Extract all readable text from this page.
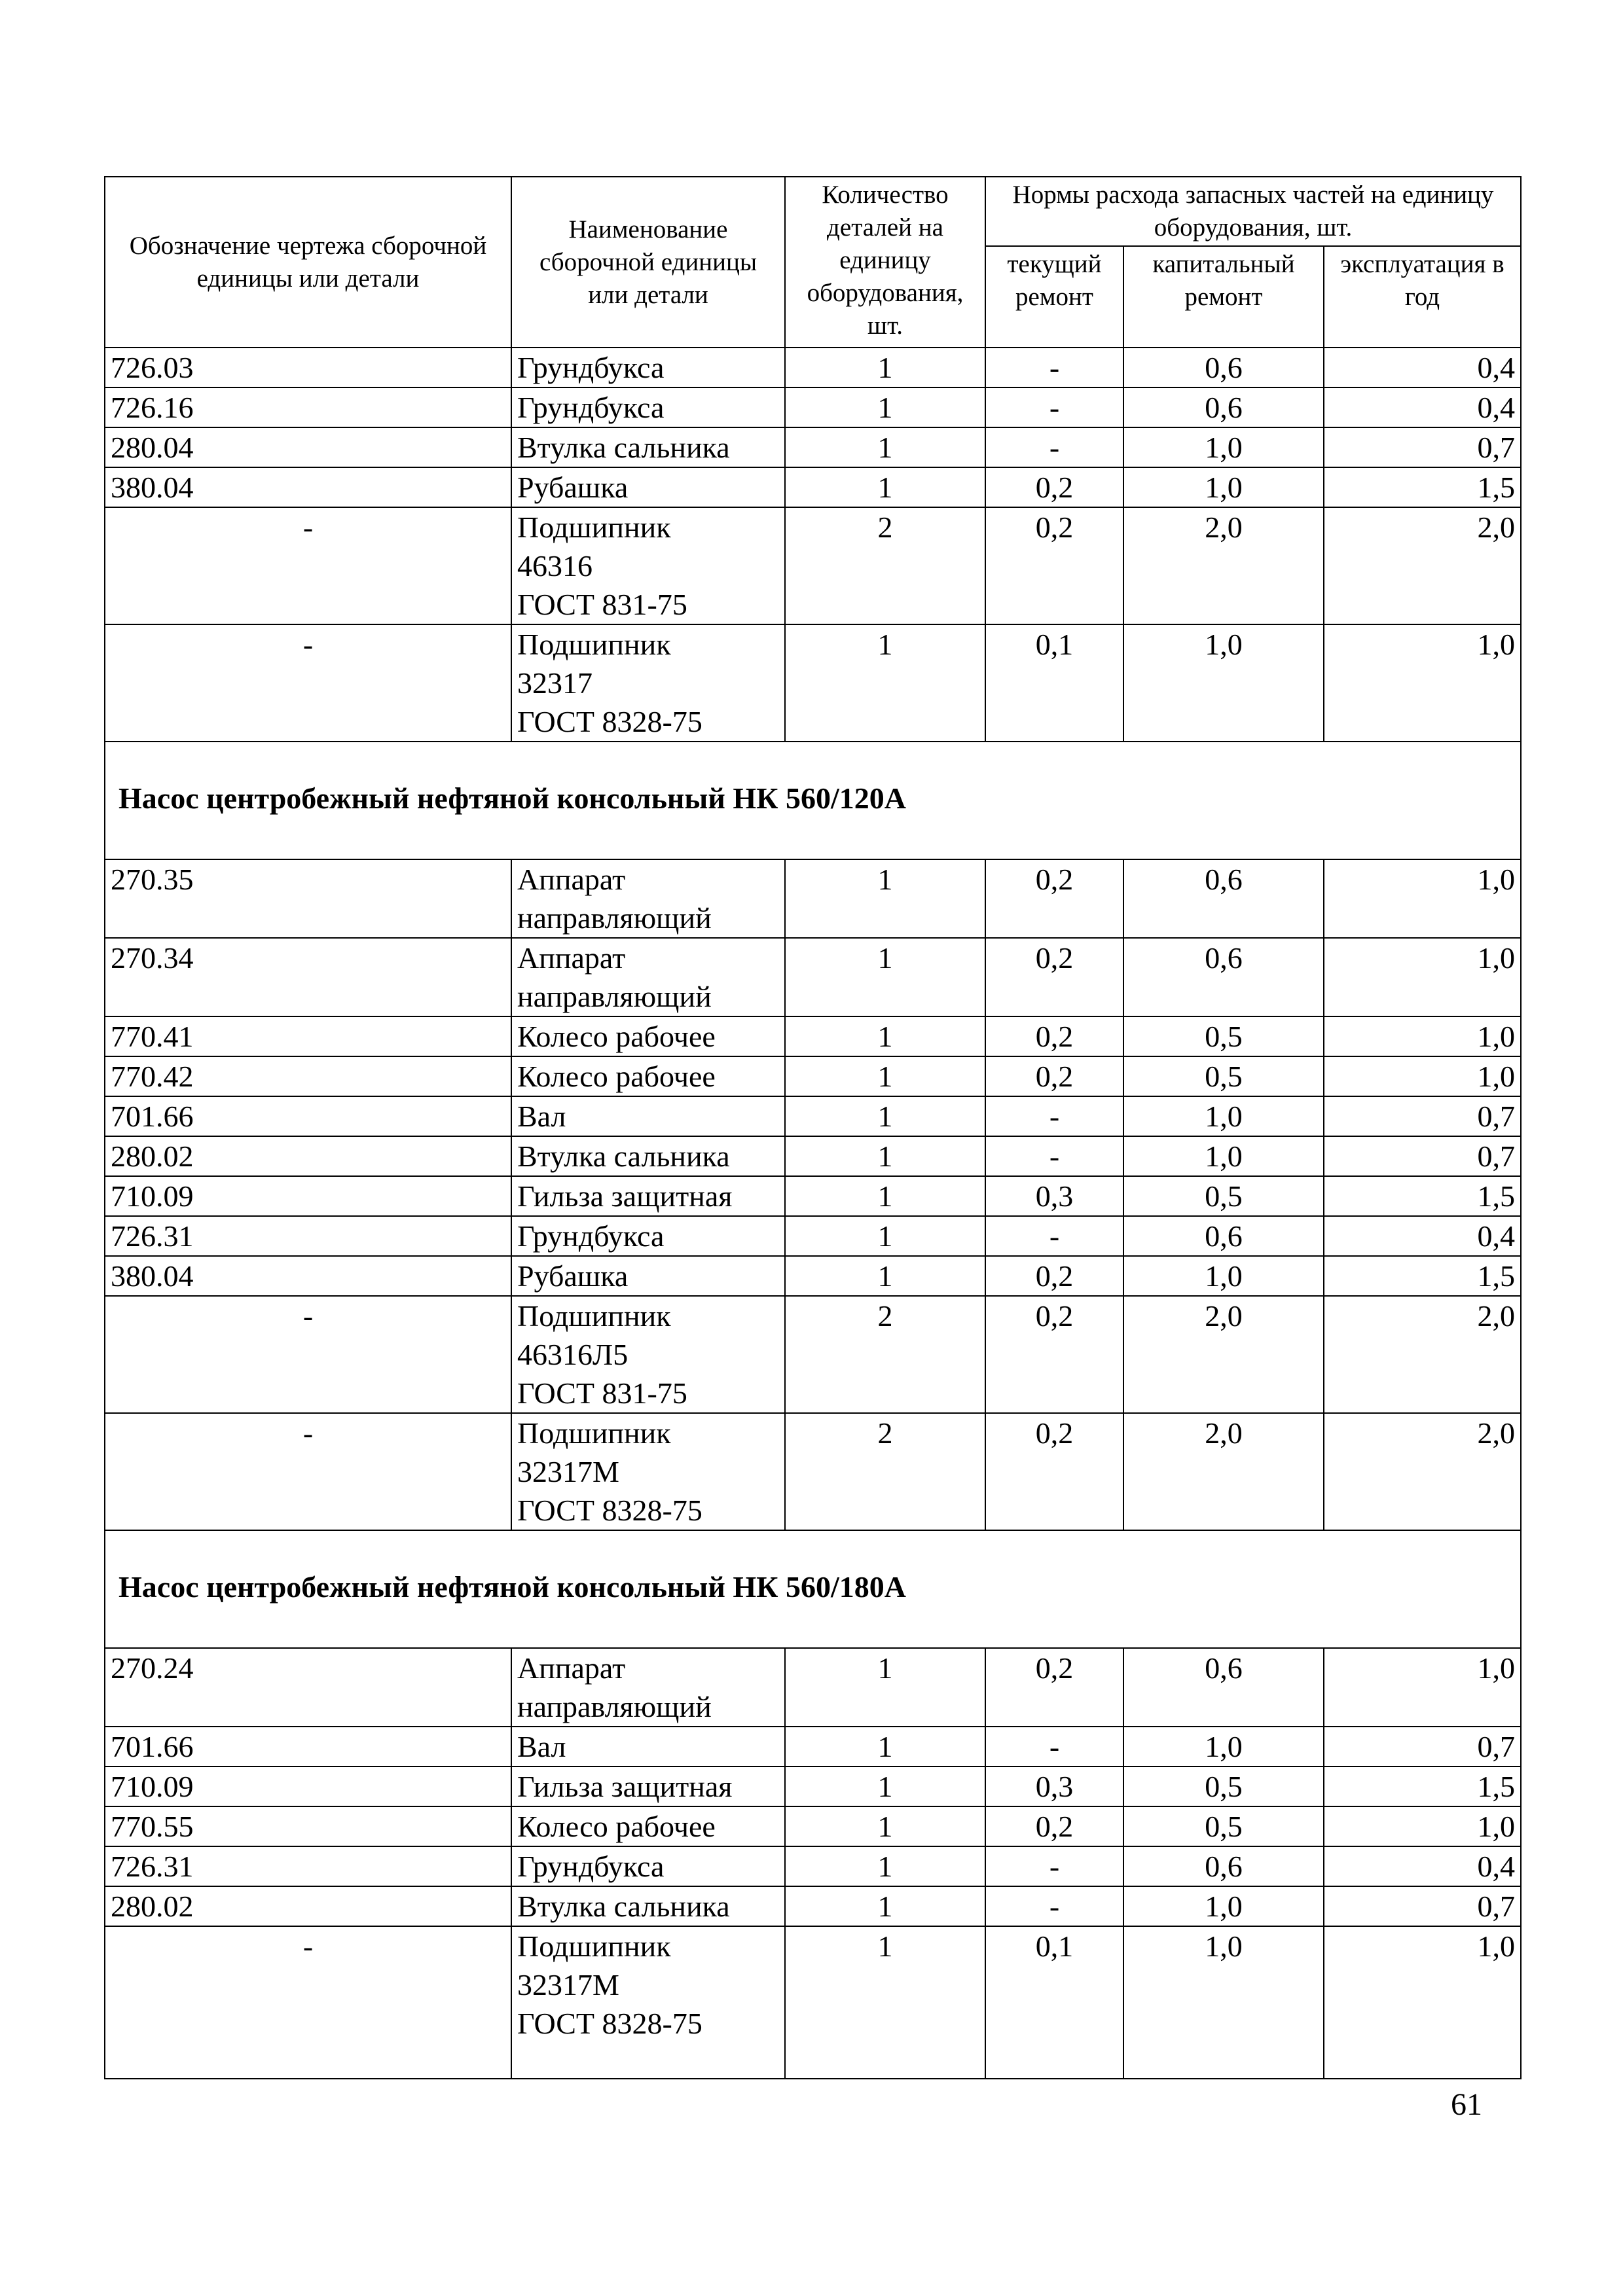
Обозначение чертежа сборочной единицы или детали	Наименование сборочной единицы или детали	Количество деталей на единицу оборудования, шт.	Нормы расхода запасных частей на единицу оборудования, шт.		
			текущий ремонт	капитальный ремонт	эксплуатация в год
726.03	Грундбукса	1	-	0,6	0,4
726.16	Грундбукса	1	-	0,6	0,4
280.04	Втулка сальника	1	-	1,0	0,7
380.04	Рубашка	1	0,2	1,0	1,5
-	Подшипник
46316
ГОСТ 831-75	2	0,2	2,0	2,0
-	Подшипник
32317
ГОСТ 8328-75	1	0,1	1,0	1,0
Насос центробежный нефтяной консольный НК 560/120А					
270.35	Аппарат
направляющий	1	0,2	0,6	1,0
270.34	Аппарат
направляющий	1	0,2	0,6	1,0
770.41	Колесо рабочее	1	0,2	0,5	1,0
770.42	Колесо рабочее	1	0,2	0,5	1,0
701.66	Вал	1	-	1,0	0,7
280.02	Втулка сальника	1	-	1,0	0,7
710.09	Гильза защитная	1	0,3	0,5	1,5
726.31	Грундбукса	1	-	0,6	0,4
380.04	Рубашка	1	0,2	1,0	1,5
-	Подшипник
46316Л5
ГОСТ 831-75	2	0,2	2,0	2,0
-	Подшипник
32317М
ГОСТ 8328-75	2	0,2	2,0	2,0
Насос центробежный нефтяной консольный НК 560/180А					
270.24	Аппарат
направляющий	1	0,2	0,6	1,0
701.66	Вал	1	-	1,0	0,7
710.09	Гильза защитная	1	0,3	0,5	1,5
770.55	Колесо рабочее	1	0,2	0,5	1,0
726.31	Грундбукса	1	-	0,6	0,4
280.02	Втулка сальника	1	-	1,0	0,7
-	Подшипник
32317М
ГОСТ 8328-75	1	0,1	1,0	1,0
61
